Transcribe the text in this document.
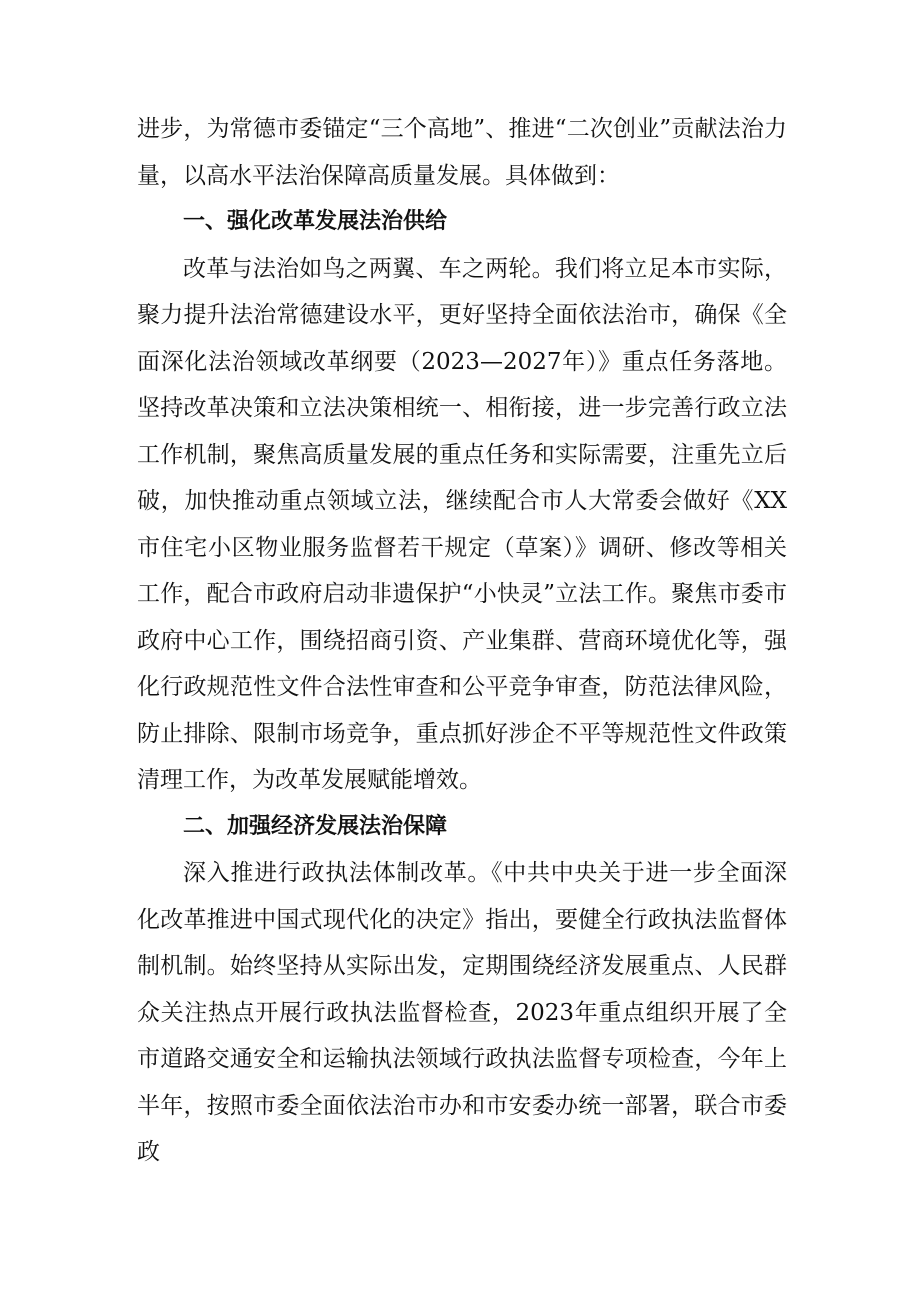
进步，为常德市委锚定“三个高地”、推进“二次创业”贡献法治力量，以高水平法治保障高质量发展。具体做到：

一、强化改革发展法治供给

改革与法治如鸟之两翼、车之两轮。我们将立足本市实际，聚力提升法治常德建设水平，更好坚持全面依法治市，确保《全面深化法治领域改革纲要（2023—2027年）》重点任务落地。坚持改革决策和立法决策相统一、相衔接，进一步完善行政立法工作机制，聚焦高质量发展的重点任务和实际需要，注重先立后破，加快推动重点领域立法，继续配合市人大常委会做好《XX市住宅小区物业服务监督若干规定（草案）》调研、修改等相关工作，配合市政府启动非遗保护“小快灵”立法工作。聚焦市委市政府中心工作，围绕招商引资、产业集群、营商环境优化等，强化行政规范性文件合法性审查和公平竞争审查，防范法律风险，防止排除、限制市场竞争，重点抓好涉企不平等规范性文件政策清理工作，为改革发展赋能增效。

二、加强经济发展法治保障

深入推进行政执法体制改革。《中共中央关于进一步全面深化改革推进中国式现代化的决定》指出，要健全行政执法监督体制机制。始终坚持从实际出发，定期围绕经济发展重点、人民群众关注热点开展行政执法监督检查，2023年重点组织开展了全市道路交通安全和运输执法领域行政执法监督专项检查，今年上半年，按照市委全面依法治市办和市安委办统一部署，联合市委政
